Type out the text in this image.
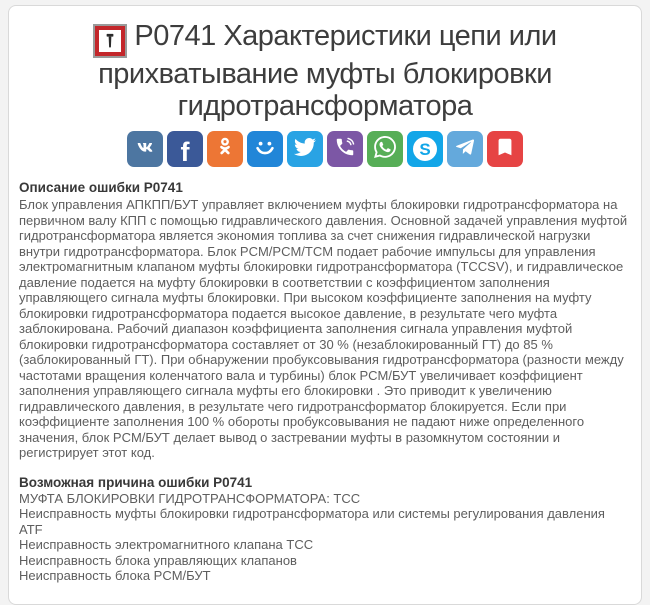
P0741 Характеристики цепи или прихватывание муфты блокировки гидротрансформатора
f	S
Описание ошибки P0741
Блок управления АПКПП/БУТ управляет включением муфты блокировки гидротрансформатора на первичном валу КПП с помощью гидравлического давления. Основной задачей управления муфтой гидротрансформатора является экономия топлива за счет снижения гидравлической нагрузки внутри гидротрансформатора. Блок PCM/PCM/TCM подает рабочие импульсы для управления электромагнитным клапаном муфты блокировки гидротрансформатора (TCCSV), и гидравлическое давление подается на муфту блокировки в соответствии с коэффициентом заполнения управляющего сигнала муфты блокировки. При высоком коэффициенте заполнения на муфту блокировки гидротрансформатора подается высокое давление, в результате чего муфта заблокирована. Рабочий диапазон коэффициента заполнения сигнала управления муфтой блокировки гидротрансформатора составляет от 30 % (незаблокированный ГТ) до 85 % (заблокированный ГТ). При обнаружении пробуксовывания гидротрансформатора (разности между частотами вращения коленчатого вала и турбины) блок PCM/БУТ увеличивает коэффициент заполнения управляющего сигнала муфты его блокировки . Это приводит к увеличению гидравлического давления, в результате чего гидротрансформатор блокируется. Если при коэффициенте заполнения 100 % обороты пробуксовывания не падают ниже определенного значения, блок PCM/БУТ делает вывод о застревании муфты в разомкнутом состоянии и регистрирует этот код.
Возможная причина ошибки P0741
МУФТА БЛОКИРОВКИ ГИДРОТРАНСФОРМАТОРА: TCC
Неисправность муфты блокировки гидротрансформатора или системы регулирования давления ATF
Неисправность электромагнитного клапана TCC
Неисправность блока управляющих клапанов
Неисправность блока PCM/БУТ
